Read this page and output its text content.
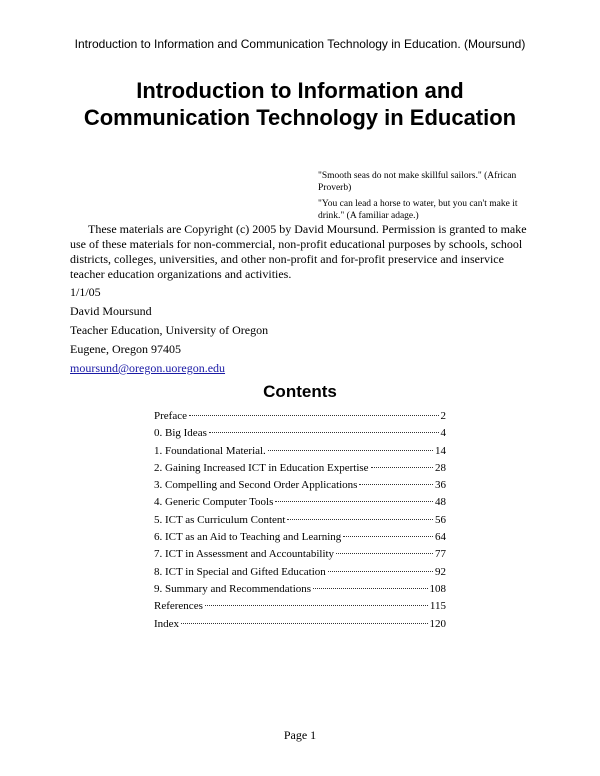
Introduction to Information and Communication Technology in Education. (Moursund)
Introduction to Information and Communication Technology in Education

"Smooth seas do not make skillful sailors." (African Proverb)

"You can lead a horse to water, but you can't make it drink." (A familiar adage.)

These materials are Copyright (c) 2005 by David Moursund. Permission is granted to make use of these materials for non-commercial, non-profit educational purposes by schools, school districts, colleges, universities, and other non-profit and for-profit preservice and inservice teacher education organizations and activities.

1/1/05
David Moursund
Teacher Education, University of Oregon
Eugene, Oregon 97405
moursund@oregon.uoregon.edu
Contents
Preface	2
0. Big Ideas	4
1. Foundational Material.	14
2. Gaining Increased ICT in Education Expertise	28
3. Compelling and Second Order Applications	36
4. Generic Computer Tools	48
5. ICT as Curriculum Content	56
6. ICT as an Aid to Teaching and Learning	64
7. ICT in Assessment and Accountability	77
8. ICT in Special and Gifted Education	92
9. Summary and Recommendations	108
References	115
Index	120
Page 1
